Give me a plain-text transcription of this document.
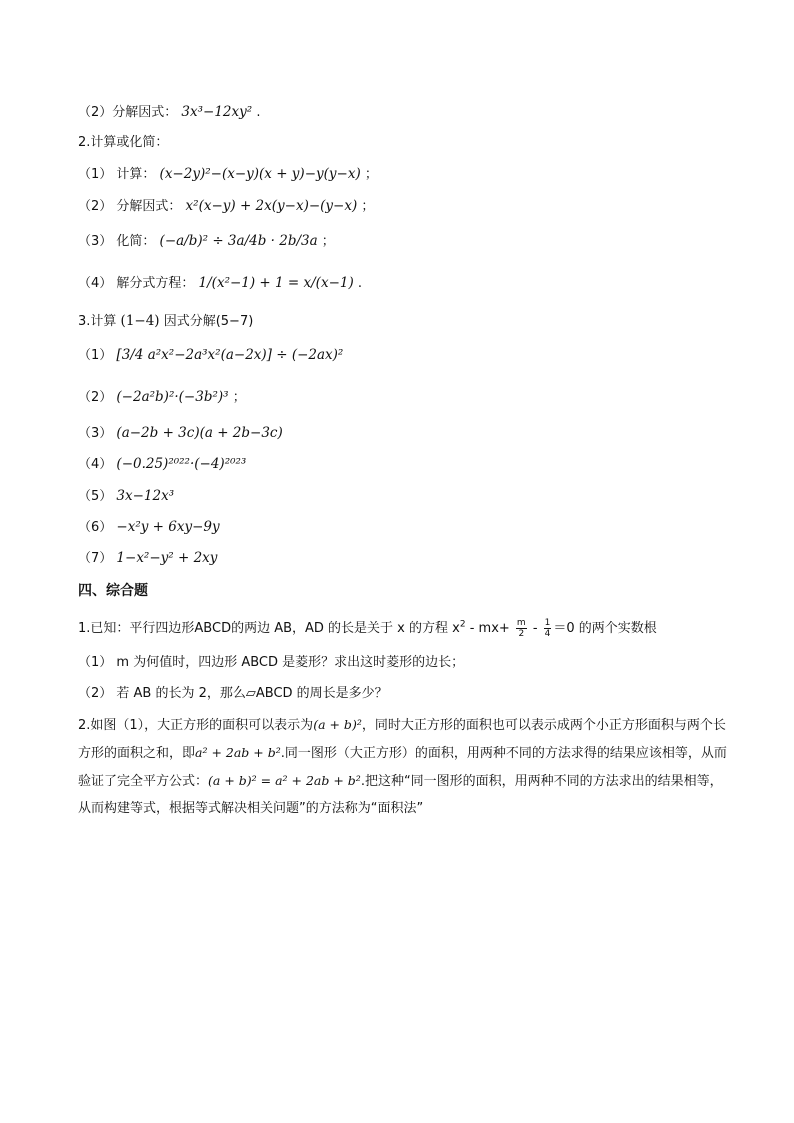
（2）分解因式： 3x³−12xy² .
2.计算或化简：
（1） 计算： (x−2y)²−(x−y)(x + y)−y(y−x) ；
（2） 分解因式： x²(x−y) + 2x(y−x)−(y−x) ；
（3） 化简： (−a/b)² ÷ 3a/4b · 2b/3a ；
（4） 解分式方程： 1/(x²−1) + 1 = x/(x−1) .
3.计算 (1−4) 因式分解(5−7)
（1） [3/4 a²x²−2a³x²(a−2x)] ÷ (−2ax)²
（2） (−2a²b)²·(−3b²)³ ；
（3） (a−2b + 3c)(a + 2b−3c)
（4） (−0.25)²⁰²²·(−4)²⁰²³
（5） 3x−12x³
（6） −x²y + 6xy−9y
（7） 1−x²−y² + 2xy
四、综合题
1.已知：平行四边形ABCD的两边 AB，AD 的长是关于 x 的方程 $x^2 - mx+ \frac{m}{2} - \frac{1}{4} =0$ 的两个实数根
（1） m 为何值时，四边形 ABCD 是菱形？求出这时菱形的边长；
（2） 若 AB 的长为 2，那么▱ABCD 的周长是多少？
2.如图（1），大正方形的面积可以表示为(a + b)²，同时大正方形的面积也可以表示成两个小正方形面积与两个长方形的面积之和，即a² + 2ab + b².同一图形（大正方形）的面积，用两种不同的方法求得的结果应该相等，从而验证了完全平方公式：(a + b)² = a² + 2ab + b².把这种“同一图形的面积，用两种不同的方法求出的结果相等，从而构建等式，根据等式解决相关问题”的方法称为“面积法”
